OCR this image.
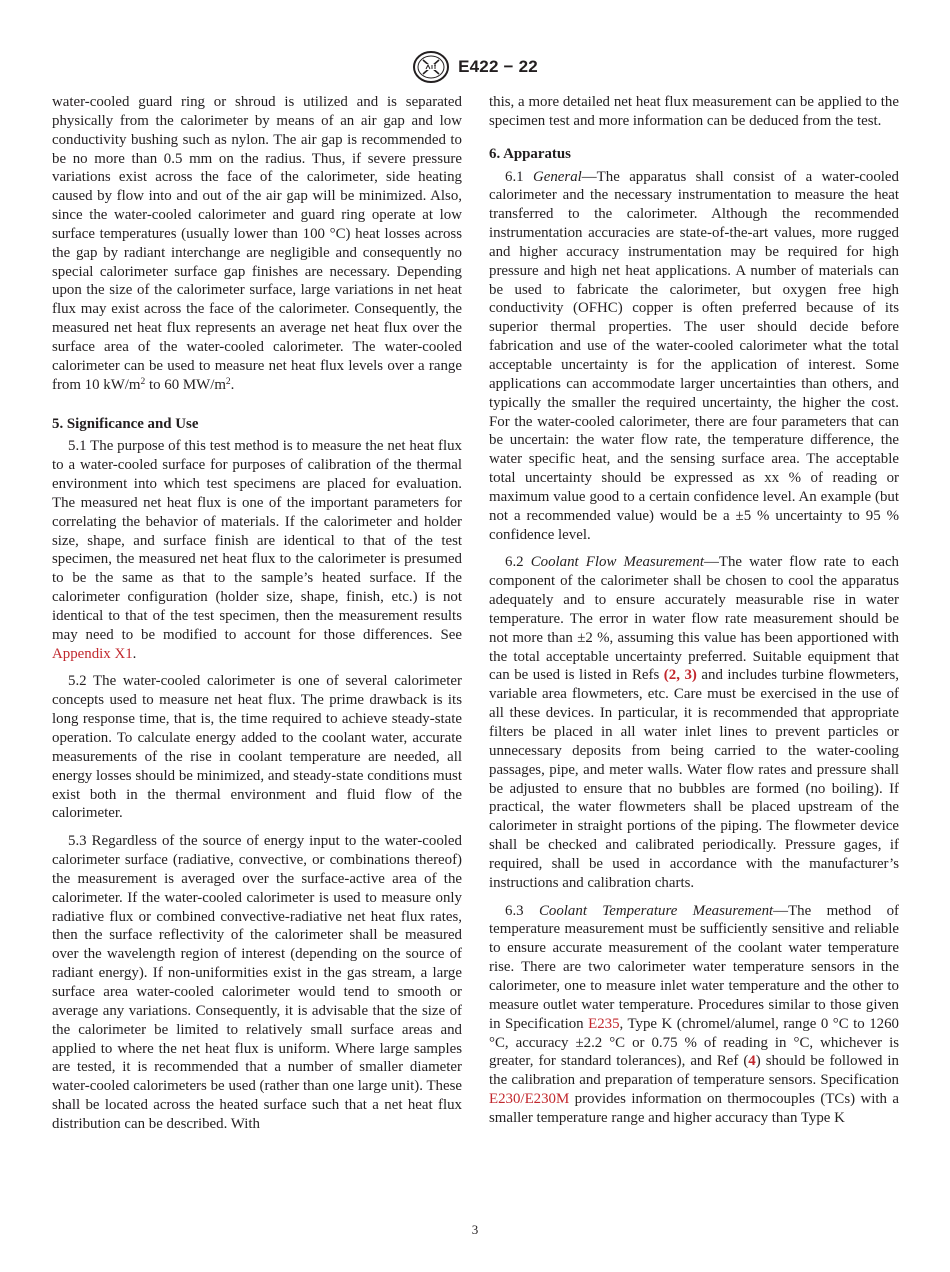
E422 − 22

water-cooled guard ring or shroud is utilized and is separated physically from the calorimeter by means of an air gap and low conductivity bushing such as nylon. The air gap is recommended to be no more than 0.5 mm on the radius. Thus, if severe pressure variations exist across the face of the calorimeter, side heating caused by flow into and out of the air gap will be minimized. Also, since the water-cooled calorimeter and guard ring operate at low surface temperatures (usually lower than 100 °C) heat losses across the gap by radiant interchange are negligible and consequently no special calorimeter surface gap finishes are necessary. Depending upon the size of the calorimeter surface, large variations in net heat flux may exist across the face of the calorimeter. Consequently, the measured net heat flux represents an average net heat flux over the surface area of the water-cooled calorimeter. The water-cooled calorimeter can be used to measure net heat flux levels over a range from 10 $kW/m^2$ to 60 $MW/m^2$.

5. Significance and Use

5.1 The purpose of this test method is to measure the net heat flux to a water-cooled surface for purposes of calibration of the thermal environment into which test specimens are placed for evaluation. The measured net heat flux is one of the important parameters for correlating the behavior of materials. If the calorimeter and holder size, shape, and surface finish are identical to that of the test specimen, the measured net heat flux to the calorimeter is presumed to be the same as that to the sample’s heated surface. If the calorimeter configuration (holder size, shape, finish, etc.) is not identical to that of the test specimen, then the measurement results may need to be modified to account for those differences. See Appendix X1.

5.2 The water-cooled calorimeter is one of several calorimeter concepts used to measure net heat flux. The prime drawback is its long response time, that is, the time required to achieve steady-state operation. To calculate energy added to the coolant water, accurate measurements of the rise in coolant temperature are needed, all energy losses should be minimized, and steady-state conditions must exist both in the thermal environment and fluid flow of the calorimeter.

5.3 Regardless of the source of energy input to the water-cooled calorimeter surface (radiative, convective, or combinations thereof) the measurement is averaged over the surface-active area of the calorimeter. If the water-cooled calorimeter is used to measure only radiative flux or combined convective-radiative net heat flux rates, then the surface reflectivity of the calorimeter shall be measured over the wavelength region of interest (depending on the source of radiant energy). If non-uniformities exist in the gas stream, a large surface area water-cooled calorimeter would tend to smooth or average any variations. Consequently, it is advisable that the size of the calorimeter be limited to relatively small surface areas and applied to where the net heat flux is uniform. Where large samples are tested, it is recommended that a number of smaller diameter water-cooled calorimeters be used (rather than one large unit). These shall be located across the heated surface such that a net heat flux distribution can be described. With

this, a more detailed net heat flux measurement can be applied to the specimen test and more information can be deduced from the test.

6. Apparatus

6.1 General—The apparatus shall consist of a water-cooled calorimeter and the necessary instrumentation to measure the heat transferred to the calorimeter. Although the recommended instrumentation accuracies are state-of-the-art values, more rugged and higher accuracy instrumentation may be required for high pressure and high net heat applications. A number of materials can be used to fabricate the calorimeter, but oxygen free high conductivity (OFHC) copper is often preferred because of its superior thermal properties. The user should decide before fabrication and use of the water-cooled calorimeter what the total acceptable uncertainty is for the application of interest. Some applications can accommodate larger uncertainties than others, and typically the smaller the required uncertainty, the higher the cost. For the water-cooled calorimeter, there are four parameters that can be uncertain: the water flow rate, the temperature difference, the water specific heat, and the sensing surface area. The acceptable total uncertainty should be expressed as xx % of reading or maximum value good to a certain confidence level. An example (but not a recommended value) would be a ±5 % uncertainty to 95 % confidence level.

6.2 Coolant Flow Measurement—The water flow rate to each component of the calorimeter shall be chosen to cool the apparatus adequately and to ensure accurately measurable rise in water temperature. The error in water flow rate measurement should be not more than ±2 %, assuming this value has been apportioned with the total acceptable uncertainty preferred. Suitable equipment that can be used is listed in Refs (2, 3) and includes turbine flowmeters, variable area flowmeters, etc. Care must be exercised in the use of all these devices. In particular, it is recommended that appropriate filters be placed in all water inlet lines to prevent particles or unnecessary deposits from being carried to the water-cooling passages, pipe, and meter walls. Water flow rates and pressure shall be adjusted to ensure that no bubbles are formed (no boiling). If practical, the water flowmeters shall be placed upstream of the calorimeter in straight portions of the piping. The flowmeter device shall be checked and calibrated periodically. Pressure gages, if required, shall be used in accordance with the manufacturer’s instructions and calibration charts.

6.3 Coolant Temperature Measurement—The method of temperature measurement must be sufficiently sensitive and reliable to ensure accurate measurement of the coolant water temperature rise. There are two calorimeter water temperature sensors in the calorimeter, one to measure inlet water temperature and the other to measure outlet water temperature. Procedures similar to those given in Specification E235, Type K (chromel/alumel, range 0 °C to 1260 °C, accuracy ±2.2 °C or 0.75 % of reading in °C, whichever is greater, for standard tolerances), and Ref (4) should be followed in the calibration and preparation of temperature sensors. Specification E230/E230M provides information on thermocouples (TCs) with a smaller temperature range and higher accuracy than Type K

3
